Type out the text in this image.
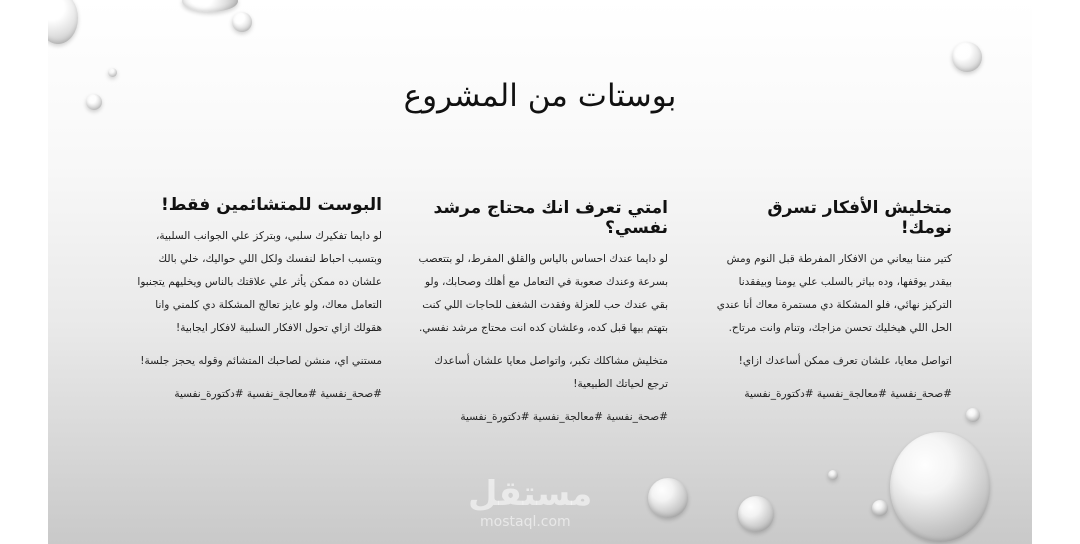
بوستات من المشروع
متخليش الأفكار تسرق نومك!

كتير مننا بيعاني من الافكار المفرطة قبل النوم ومش بيقدر يوقفها، وده بياثر بالسلب علي يومنا وبيفقدنا التركيز نهائي، فلو المشكلة دي مستمرة معاك أنا عندي الحل اللي هيخليك تحسن مزاجك، وتنام وانت مرتاح.

اتواصل معايا، علشان تعرف ممكن أساعدك ازاي!

#صحة_نفسية #معالجة_نفسية #دكتورة_نفسية

امتي تعرف انك محتاج مرشد نفسي؟

لو دايما عندك احساس بالياس والقلق المفرط، لو بتتعصب بسرعة وعندك صعوبة في التعامل مع أهلك وصحابك، ولو بقي عندك حب للعزلة وفقدت الشغف للحاجات اللي كنت بتهتم بيها قبل كده، وعلشان كده انت محتاج مرشد نفسي.

متخليش مشاكلك تكبر، واتواصل معايا علشان أساعدك ترجع لحياتك الطبيعية!

#صحة_نفسية #معالجة_نفسية #دكتورة_نفسية

البوست للمتشائمين فقط!

لو دايما تفكيرك سلبي، وبتركز علي الجوانب السلبية، وبتسبب احباط لنفسك ولكل اللي حواليك، خلي بالك علشان ده ممكن يأثر علي علاقتك بالناس ويخليهم يتجنبوا التعامل معاك، ولو عايز تعالج المشكلة دي كلمني وانا هقولك ازاي تحول الافكار السلبية لافكار ايجابية!

مستني اي، منشن لصاحبك المتشائم وقوله يحجز جلسة!

#صحة_نفسية #معالجة_نفسية #دكتورة_نفسية

مستقل
mostaql.com
